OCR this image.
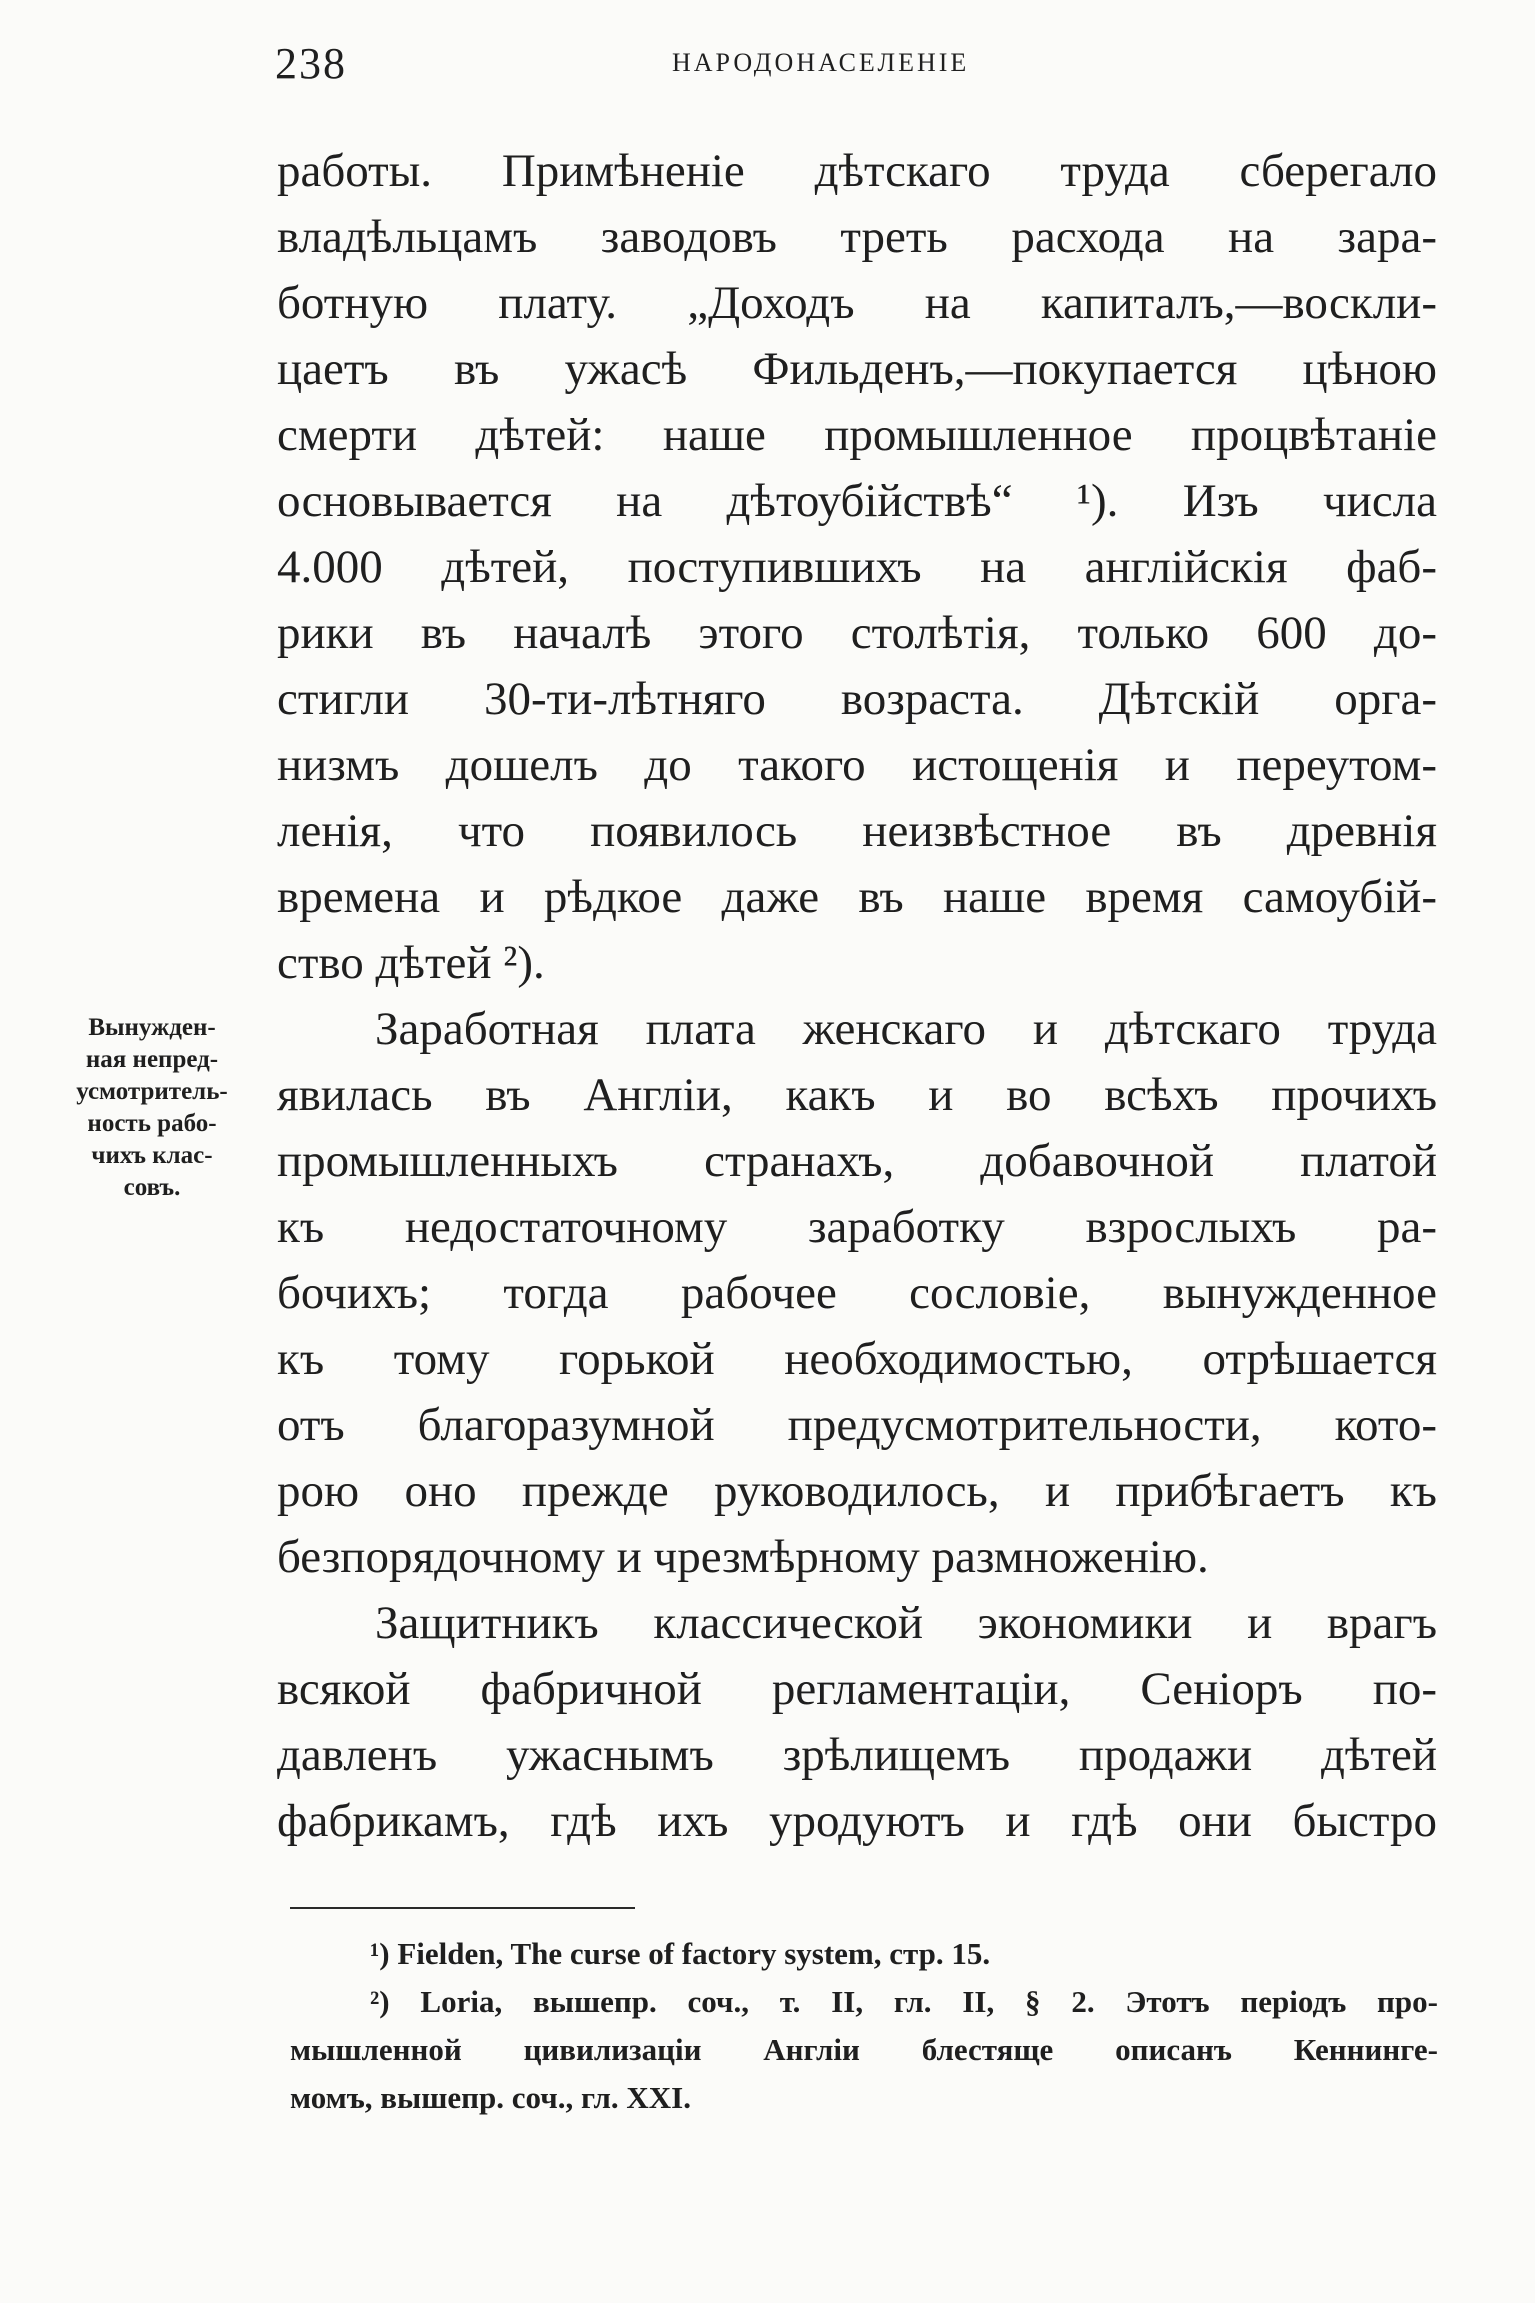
238	НАРОДОНАСЕЛЕНІЕ
работы. Примѣненіе дѣтскаго труда сберегало
владѣльцамъ заводовъ треть расхода на зара-
ботную плату. „Доходъ на капиталъ,—воскли-
цаетъ въ ужасѣ Фильденъ,—покупается цѣною
смерти дѣтей: наше промышленное процвѣтаніе
основывается на дѣтоубійствѣ“ ¹). Изъ числа
4.000 дѣтей, поступившихъ на англійскія фаб-
рики въ началѣ этого столѣтія, только 600 до-
стигли 30-ти-лѣтняго возраста. Дѣтскій орга-
низмъ дошелъ до такого истощенія и переутом-
ленія, что появилось неизвѣстное въ древнія
времена и рѣдкое даже въ наше время самоубій-
ство дѣтей ²).
Заработная плата женскаго и дѣтскаго труда
явилась въ Англіи, какъ и во всѣхъ прочихъ
промышленныхъ странахъ, добавочной платой
къ недостаточному заработку взрослыхъ ра-
бочихъ; тогда рабочее сословіе, вынужденное
къ тому горькой необходимостью, отрѣшается
отъ благоразумной предусмотрительности, кото-
рою оно прежде руководилось, и прибѣгаетъ къ
безпорядочному и чрезмѣрному размноженію.
Защитникъ классической экономики и врагъ
всякой фабричной регламентаціи, Сеніоръ по-
давленъ ужаснымъ зрѣлищемъ продажи дѣтей
фабрикамъ, гдѣ ихъ уродуютъ и гдѣ они быстро
Вынужден-
ная непред-
усмотритель-
ность рабо-
чихъ клас-
совъ.
¹) Fielden, The curse of factory system, стр. 15.
²) Loria, вышепр. соч., т. II, гл. II, § 2. Этотъ періодъ про-
мышленной цивилизаціи Англіи блестяще описанъ Кеннинге-
момъ, вышепр. соч., гл. XXI.
